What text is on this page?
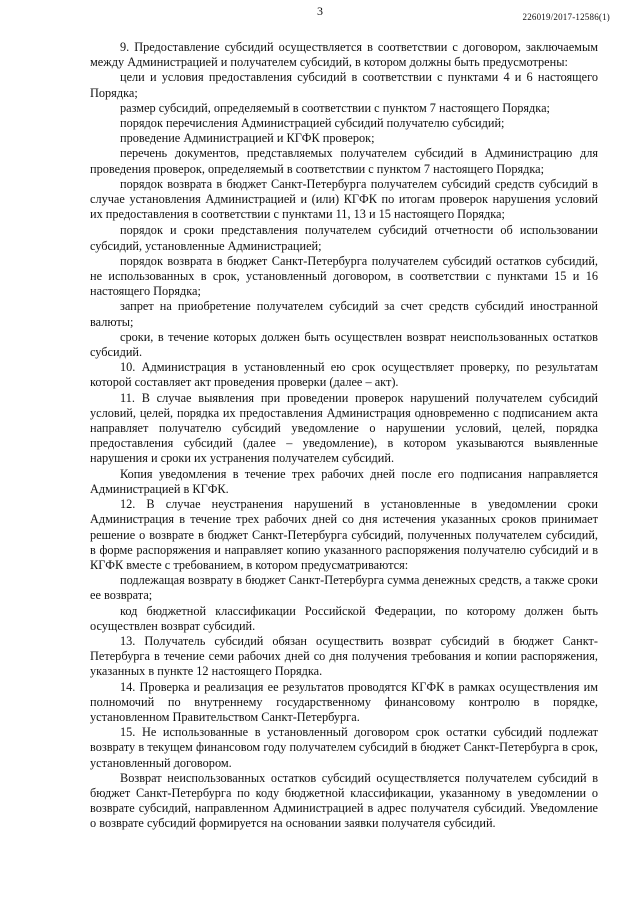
3	226019/2017-12586(1)

9. Предоставление субсидий осуществляется в соответствии с договором, заключаемым между Администрацией и получателем субсидий, в котором должны быть предусмотрены:

цели и условия предоставления субсидий в соответствии с пунктами 4 и 6 настоящего Порядка;

размер субсидий, определяемый в соответствии с пунктом 7 настоящего Порядка;

порядок перечисления Администрацией субсидий получателю субсидий;

проведение Администрацией и КГФК проверок;

перечень документов, представляемых получателем субсидий в Администрацию для проведения проверок, определяемый в соответствии с пунктом 7 настоящего Порядка;

порядок возврата в бюджет Санкт-Петербурга получателем субсидий средств субсидий в случае установления Администрацией и (или) КГФК по итогам проверок нарушения условий их предоставления в соответствии с пунктами 11, 13 и 15 настоящего Порядка;

порядок и сроки представления получателем субсидий отчетности об использовании субсидий, установленные Администрацией;

порядок возврата в бюджет Санкт-Петербурга получателем субсидий остатков субсидий, не использованных в срок, установленный договором, в соответствии с пунктами 15 и 16 настоящего Порядка;

запрет на приобретение получателем субсидий за счет средств субсидий иностранной валюты;

сроки, в течение которых должен быть осуществлен возврат неиспользованных остатков субсидий.

10. Администрация в установленный ею срок осуществляет проверку, по результатам которой составляет акт проведения проверки (далее – акт).

11. В случае выявления при проведении проверок нарушений получателем субсидий условий, целей, порядка их предоставления Администрация одновременно с подписанием акта направляет получателю субсидий уведомление о нарушении условий, целей, порядка предоставления субсидий (далее – уведомление), в котором указываются выявленные нарушения и сроки их устранения получателем субсидий.

Копия уведомления в течение трех рабочих дней после его подписания направляется Администрацией в КГФК.

12. В случае неустранения нарушений в установленные в уведомлении сроки Администрация в течение трех рабочих дней со дня истечения указанных сроков принимает решение о возврате в бюджет Санкт-Петербурга субсидий, полученных получателем субсидий, в форме распоряжения и направляет копию указанного распоряжения получателю субсидий и в КГФК вместе с требованием, в котором предусматриваются:

подлежащая возврату в бюджет Санкт-Петербурга сумма денежных средств, а также сроки ее возврата;

код бюджетной классификации Российской Федерации, по которому должен быть осуществлен возврат субсидий.

13. Получатель субсидий обязан осуществить возврат субсидий в бюджет Санкт-Петербурга в течение семи рабочих дней со дня получения требования и копии распоряжения, указанных в пункте 12 настоящего Порядка.

14. Проверка и реализация ее результатов проводятся КГФК в рамках осуществления им полномочий по внутреннему государственному финансовому контролю в порядке, установленном Правительством Санкт-Петербурга.

15. Не использованные в установленный договором срок остатки субсидий подлежат возврату в текущем финансовом году получателем субсидий в бюджет Санкт-Петербурга в срок, установленный договором.

Возврат неиспользованных остатков субсидий осуществляется получателем субсидий в бюджет Санкт-Петербурга по коду бюджетной классификации, указанному в уведомлении о возврате субсидий, направленном Администрацией в адрес получателя субсидий. Уведомление о возврате субсидий формируется на основании заявки получателя субсидий.
